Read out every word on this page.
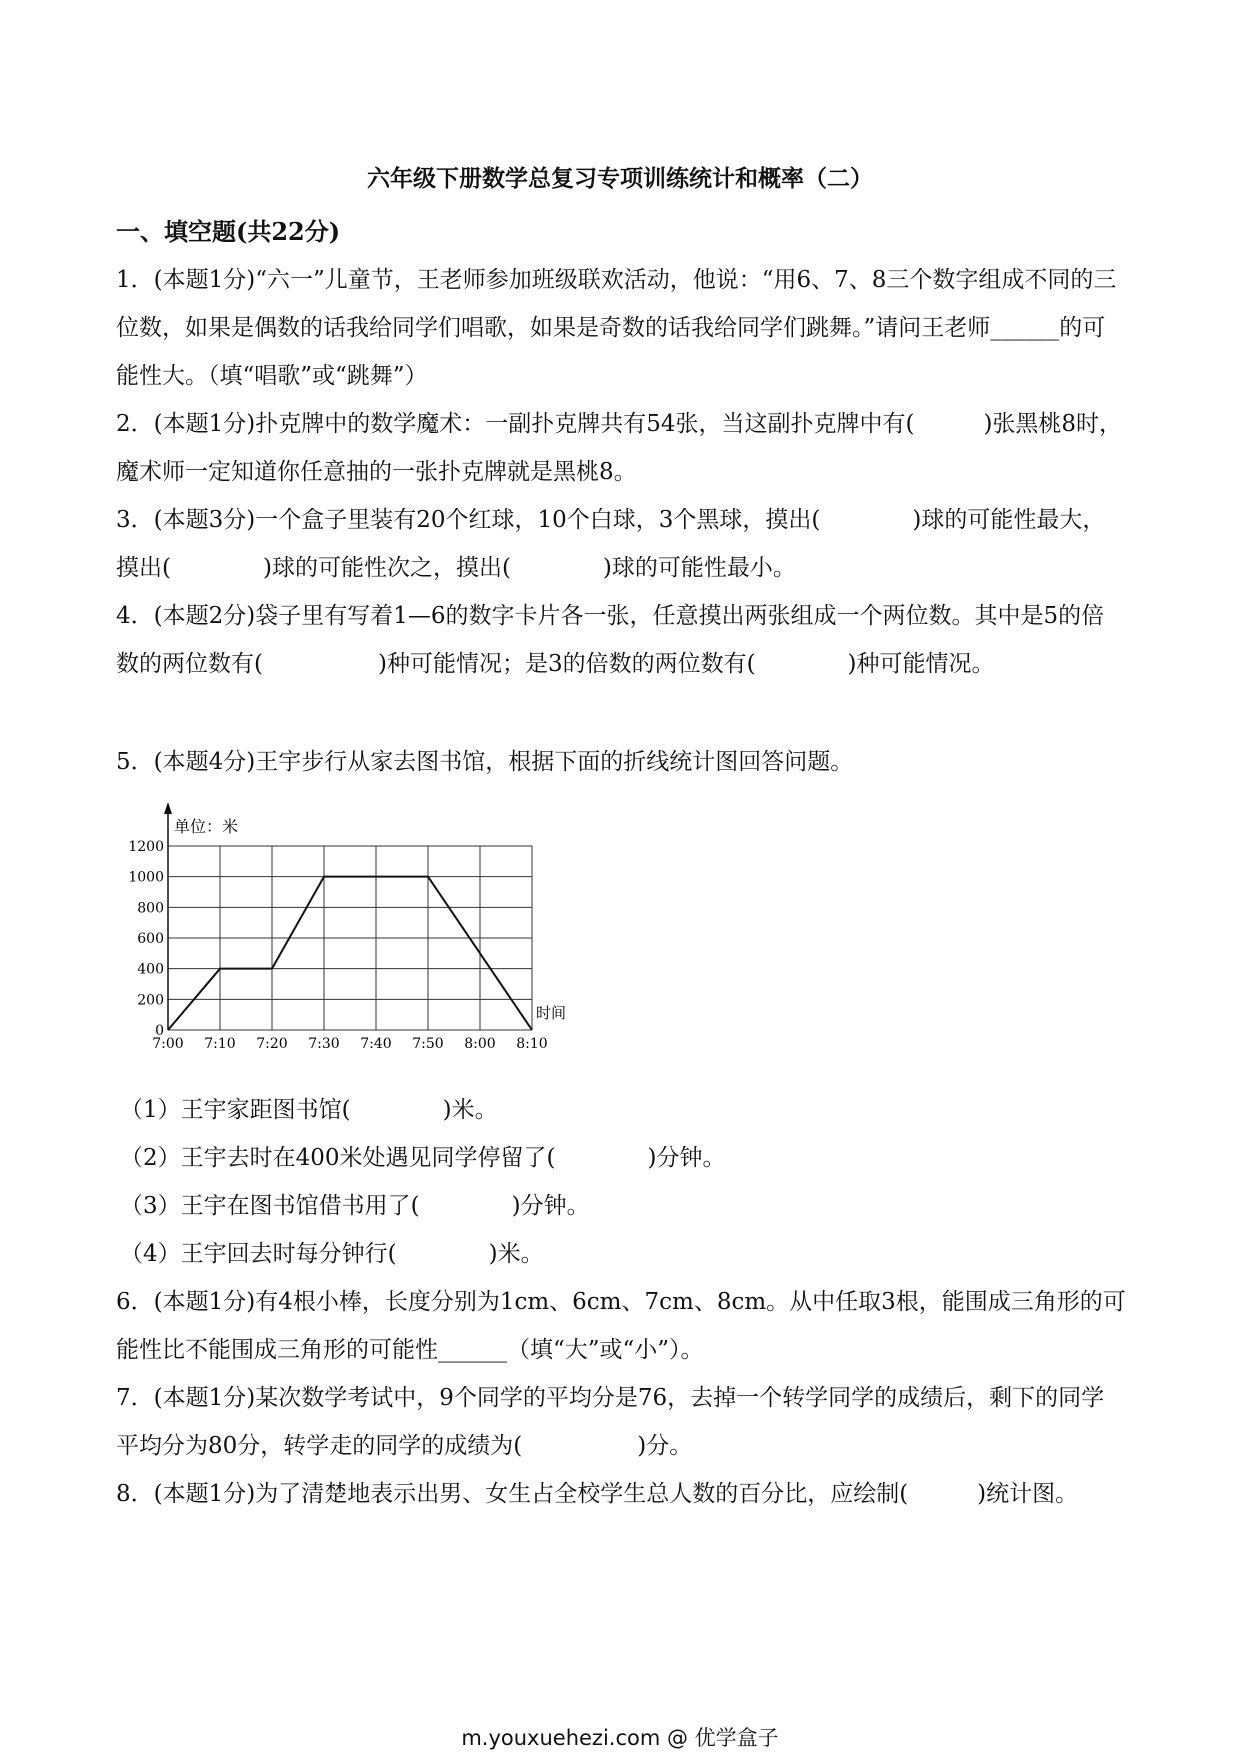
六年级下册数学总复习专项训练统计和概率（二）
一、填空题(共22分)
1．(本题1分)“六一”儿童节，王老师参加班级联欢活动，他说：“用6、7、8三个数字组成不同的三位数，如果是偶数的话我给同学们唱歌，如果是奇数的话我给同学们跳舞。”请问王老师______的可能性大。（填“唱歌”或“跳舞”）
2．(本题1分)扑克牌中的数学魔术：一副扑克牌共有54张，当这副扑克牌中有(　　　)张黑桃8时，魔术师一定知道你任意抽的一张扑克牌就是黑桃8。
3．(本题3分)一个盒子里装有20个红球，10个白球，3个黑球，摸出(　　　　)球的可能性最大，摸出(　　　　)球的可能性次之，摸出(　　　　)球的可能性最小。
4．(本题2分)袋子里有写着1—6的数字卡片各一张，任意摸出两张组成一个两位数。其中是5的倍数的两位数有(　　　　　)种可能情况；是3的倍数的两位数有(　　　　)种可能情况。
5．(本题4分)王宇步行从家去图书馆，根据下面的折线统计图回答问题。
单位：米
时间
0
200
400
600
800
1000
1200
7:00 7:10 7:20 7:30 7:40 7:50 8:00 8:10
（1）王宇家距图书馆(　　　　)米。
（2）王宇去时在400米处遇见同学停留了(　　　　)分钟。
（3）王宇在图书馆借书用了(　　　　)分钟。
（4）王宇回去时每分钟行(　　　　)米。
6．(本题1分)有4根小棒，长度分别为1cm、6cm、7cm、8cm。从中任取3根，能围成三角形的可能性比不能围成三角形的可能性______（填“大”或“小”）。
7．(本题1分)某次数学考试中，9个同学的平均分是76，去掉一个转学同学的成绩后，剩下的同学平均分为80分，转学走的同学的成绩为(　　　　　)分。
8．(本题1分)为了清楚地表示出男、女生占全校学生总人数的百分比，应绘制(　　　)统计图。
m.youxuehezi.com @ 优学盒子
